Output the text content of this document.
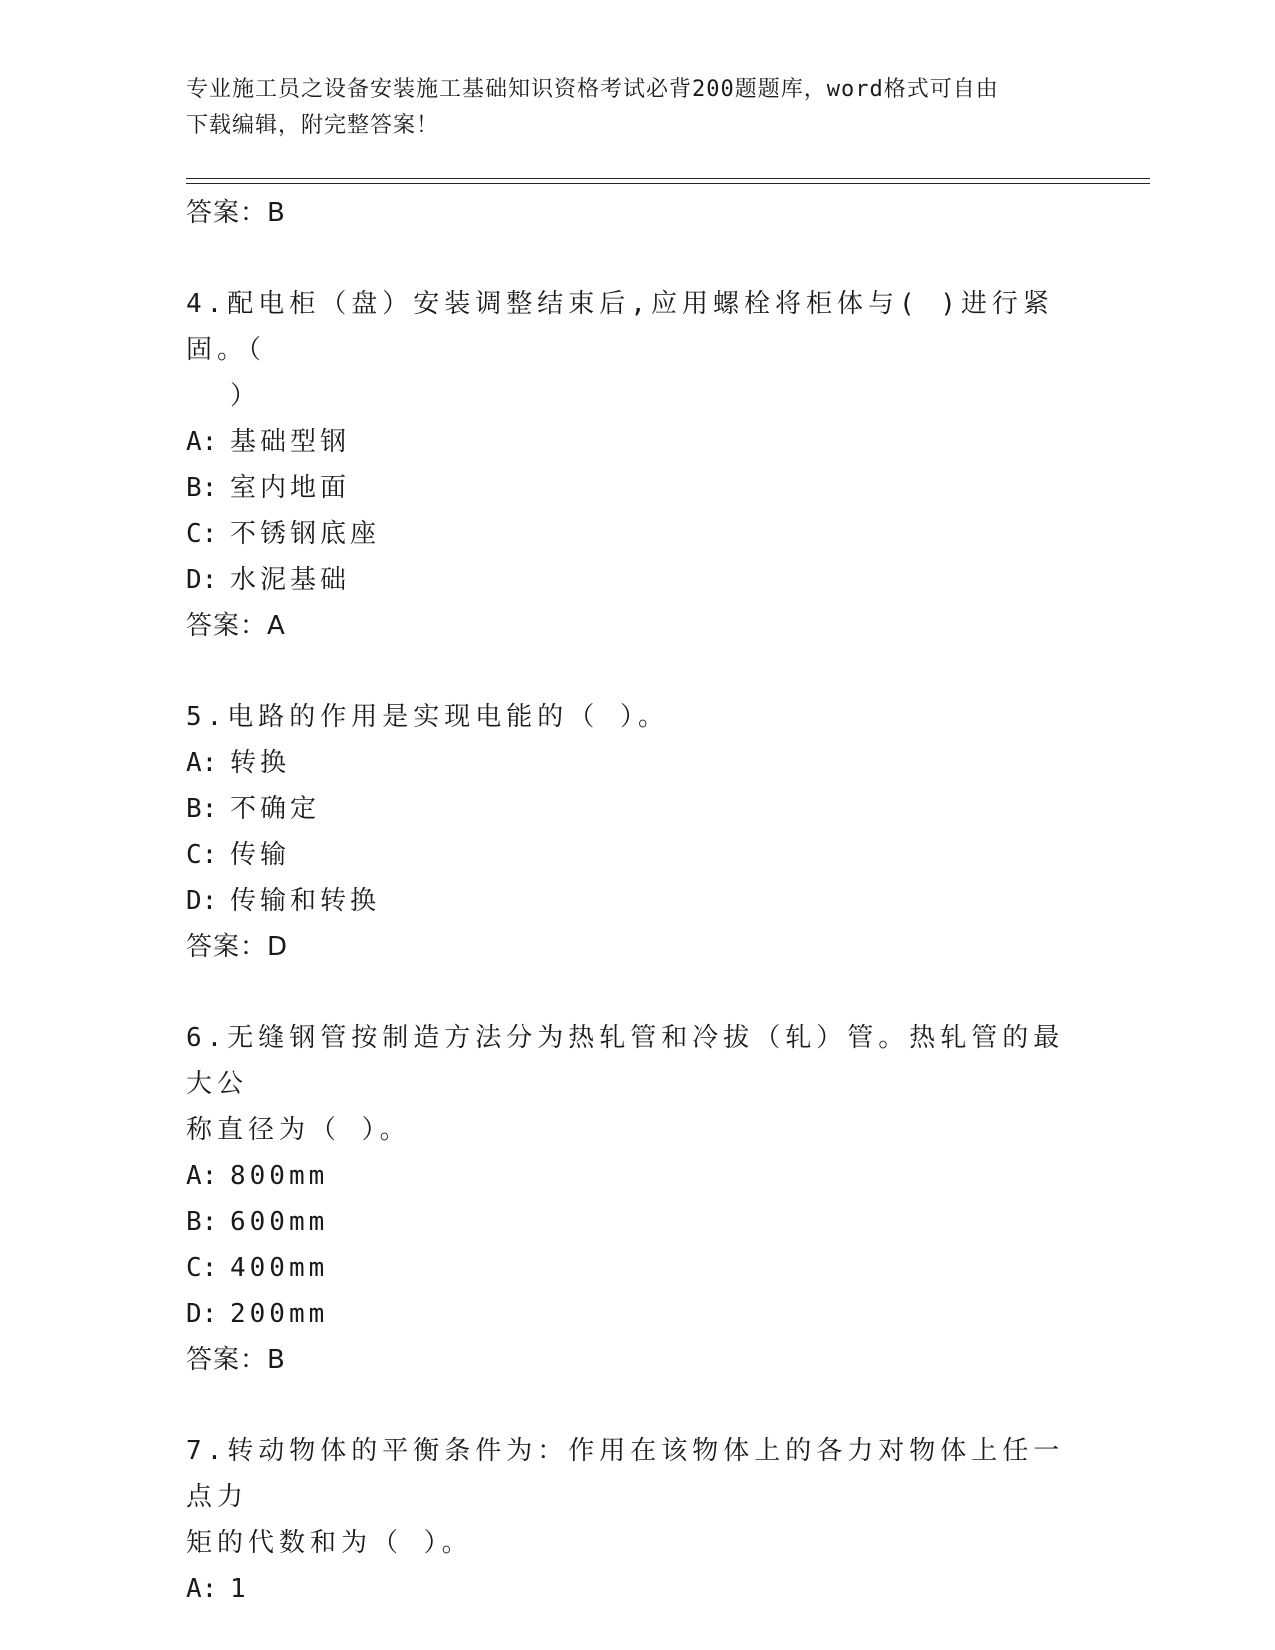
专业施工员之设备安装施工基础知识资格考试必背200题题库，word格式可自由
下载编辑，附完整答案！
答案：B
4.配电柜（盘）安装调整结束后,应用螺栓将柜体与( )进行紧固。（
）
A: 基础型钢
B: 室内地面
C: 不锈钢底座
D: 水泥基础
答案：A
5.电路的作用是实现电能的（ ）。
A: 转换
B: 不确定
C: 传输
D: 传输和转换
答案：D
6.无缝钢管按制造方法分为热轧管和冷拔（轧）管。热轧管的最大公
称直径为（ ）。
A: 800mm
B: 600mm
C: 400mm
D: 200mm
答案：B
7.转动物体的平衡条件为：作用在该物体上的各力对物体上任一点力
矩的代数和为（ ）。
A: 1
